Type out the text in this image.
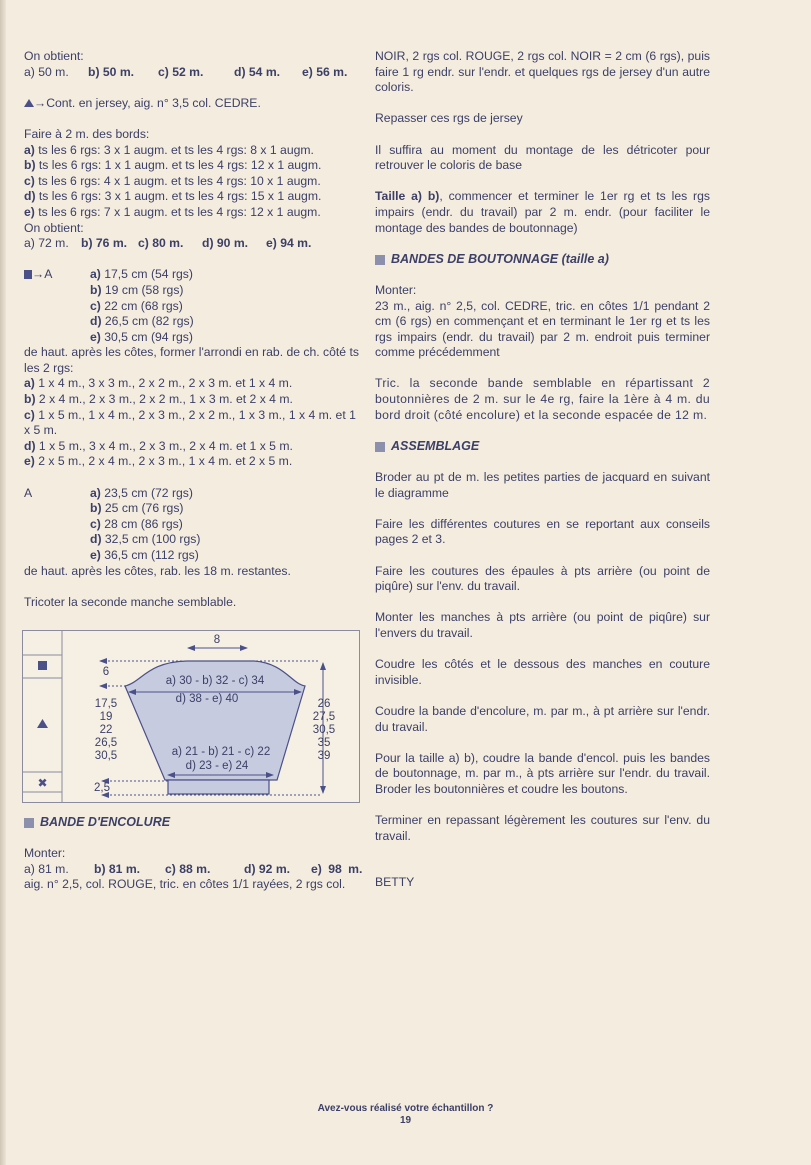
On obtient:

a) 50 m. b) 50 m. c) 52 m.	d) 54 m. e) 56 m.

→Cont. en jersey, aig. n° 3,5 col. CEDRE.

Faire à 2 m. des bords:

a) ts les 6 rgs: 3 x 1 augm. et ts les 4 rgs: 8 x 1 augm.

b) ts les 6 rgs: 1 x 1 augm. et ts les 4 rgs: 12 x 1 augm.

c) ts les 6 rgs: 4 x 1 augm. et ts les 4 rgs: 10 x 1 augm.

d) ts les 6 rgs: 3 x 1 augm. et ts les 4 rgs: 15 x 1 augm.

e) ts les 6 rgs: 7 x 1 augm. et ts les 4 rgs: 12 x 1 augm.

On obtient:

a) 72 m. b) 76 m. c) 80 m. d) 90 m. e) 94 m.

→A	a) 17,5 cm (54 rgs)

b) 19 cm (58 rgs)

c) 22 cm (68 rgs)

d) 26,5 cm (82 rgs)

e) 30,5 cm (94 rgs)

de haut. après les côtes, former l'arrondi en rab. de ch. côté ts les 2 rgs:

a) 1 x 4 m., 3 x 3 m., 2 x 2 m., 2 x 3 m. et 1 x 4 m.

b) 2 x 4 m., 2 x 3 m., 2 x 2 m., 1 x 3 m. et 2 x 4 m.

c) 1 x 5 m., 1 x 4 m., 2 x 3 m., 2 x 2 m., 1 x 3 m., 1 x 4 m. et 1 x 5 m.

d) 1 x 5 m., 3 x 4 m., 2 x 3 m., 2 x 4 m. et 1 x 5 m.

e) 2 x 5 m., 2 x 4 m., 2 x 3 m., 1 x 4 m. et 2 x 5 m.

A	a) 23,5 cm (72 rgs)

b) 25 cm (76 rgs)

c) 28 cm (86 rgs)

d) 32,5 cm (100 rgs)

e) 36,5 cm (112 rgs)

de haut. après les côtes, rab. les 18 m. restantes.

Tricoter la seconde manche semblable.

✖
8
6
a) 30 - b) 32 - c) 34
d) 38 - e) 40
17,5
19
22
26,5
30,5	a) 21 - b) 21 - c) 22
d) 23 - e) 24
26
27,5
30,5
35
39
2,5
BANDE D'ENCOLURE

Monter:

a) 81 m. b) 81 m. c) 88 m.	d) 92 m. e) 98 m.

aig. n° 2,5, col. ROUGE, tric. en côtes 1/1 rayées, 2 rgs col.

NOIR, 2 rgs col. ROUGE, 2 rgs col. NOIR = 2 cm (6 rgs), puis faire 1 rg endr. sur l'endr. et quelques rgs de jersey d'un autre coloris.

Repasser ces rgs de jersey

Il suffira au moment du montage de les détricoter pour retrouver le coloris de base

Taille a) b), commencer et terminer le 1er rg et ts les rgs impairs (endr. du travail) par 2 m. endr. (pour faciliter le montage des bandes de boutonnage)

BANDES DE BOUTONNAGE (taille a)

Monter:

23 m., aig. n° 2,5, col. CEDRE, tric. en côtes 1/1 pendant 2 cm (6 rgs) en commençant et en terminant le 1er rg et ts les rgs impairs (endr. du travail) par 2 m. endroit puis terminer comme précédemment

Tric. la seconde bande semblable en répartissant 2 boutonnières de 2 m. sur le 4e rg, faire la 1ère à 4 m. du bord droit (côté encolure) et la seconde espacée de 12 m.

ASSEMBLAGE

Broder au pt de m. les petites parties de jacquard en suivant le diagramme

Faire les différentes coutures en se reportant aux conseils pages 2 et 3.

Faire les coutures des épaules à pts arrière (ou point de piqûre) sur l'env. du travail.

Monter les manches à pts arrière (ou point de piqûre) sur l'envers du travail.

Coudre les côtés et le dessous des manches en couture invisible.

Coudre la bande d'encolure, m. par m., à pt arrière sur l'endr. du travail.

Pour la taille a) b), coudre la bande d'encol. puis les bandes de boutonnage, m. par m., à pts arrière sur l'endr. du travail. Broder les boutonnières et coudre les boutons.

Terminer en repassant légèrement les coutures sur l'env. du travail.

BETTY

Avez-vous réalisé votre échantillon ?
19
